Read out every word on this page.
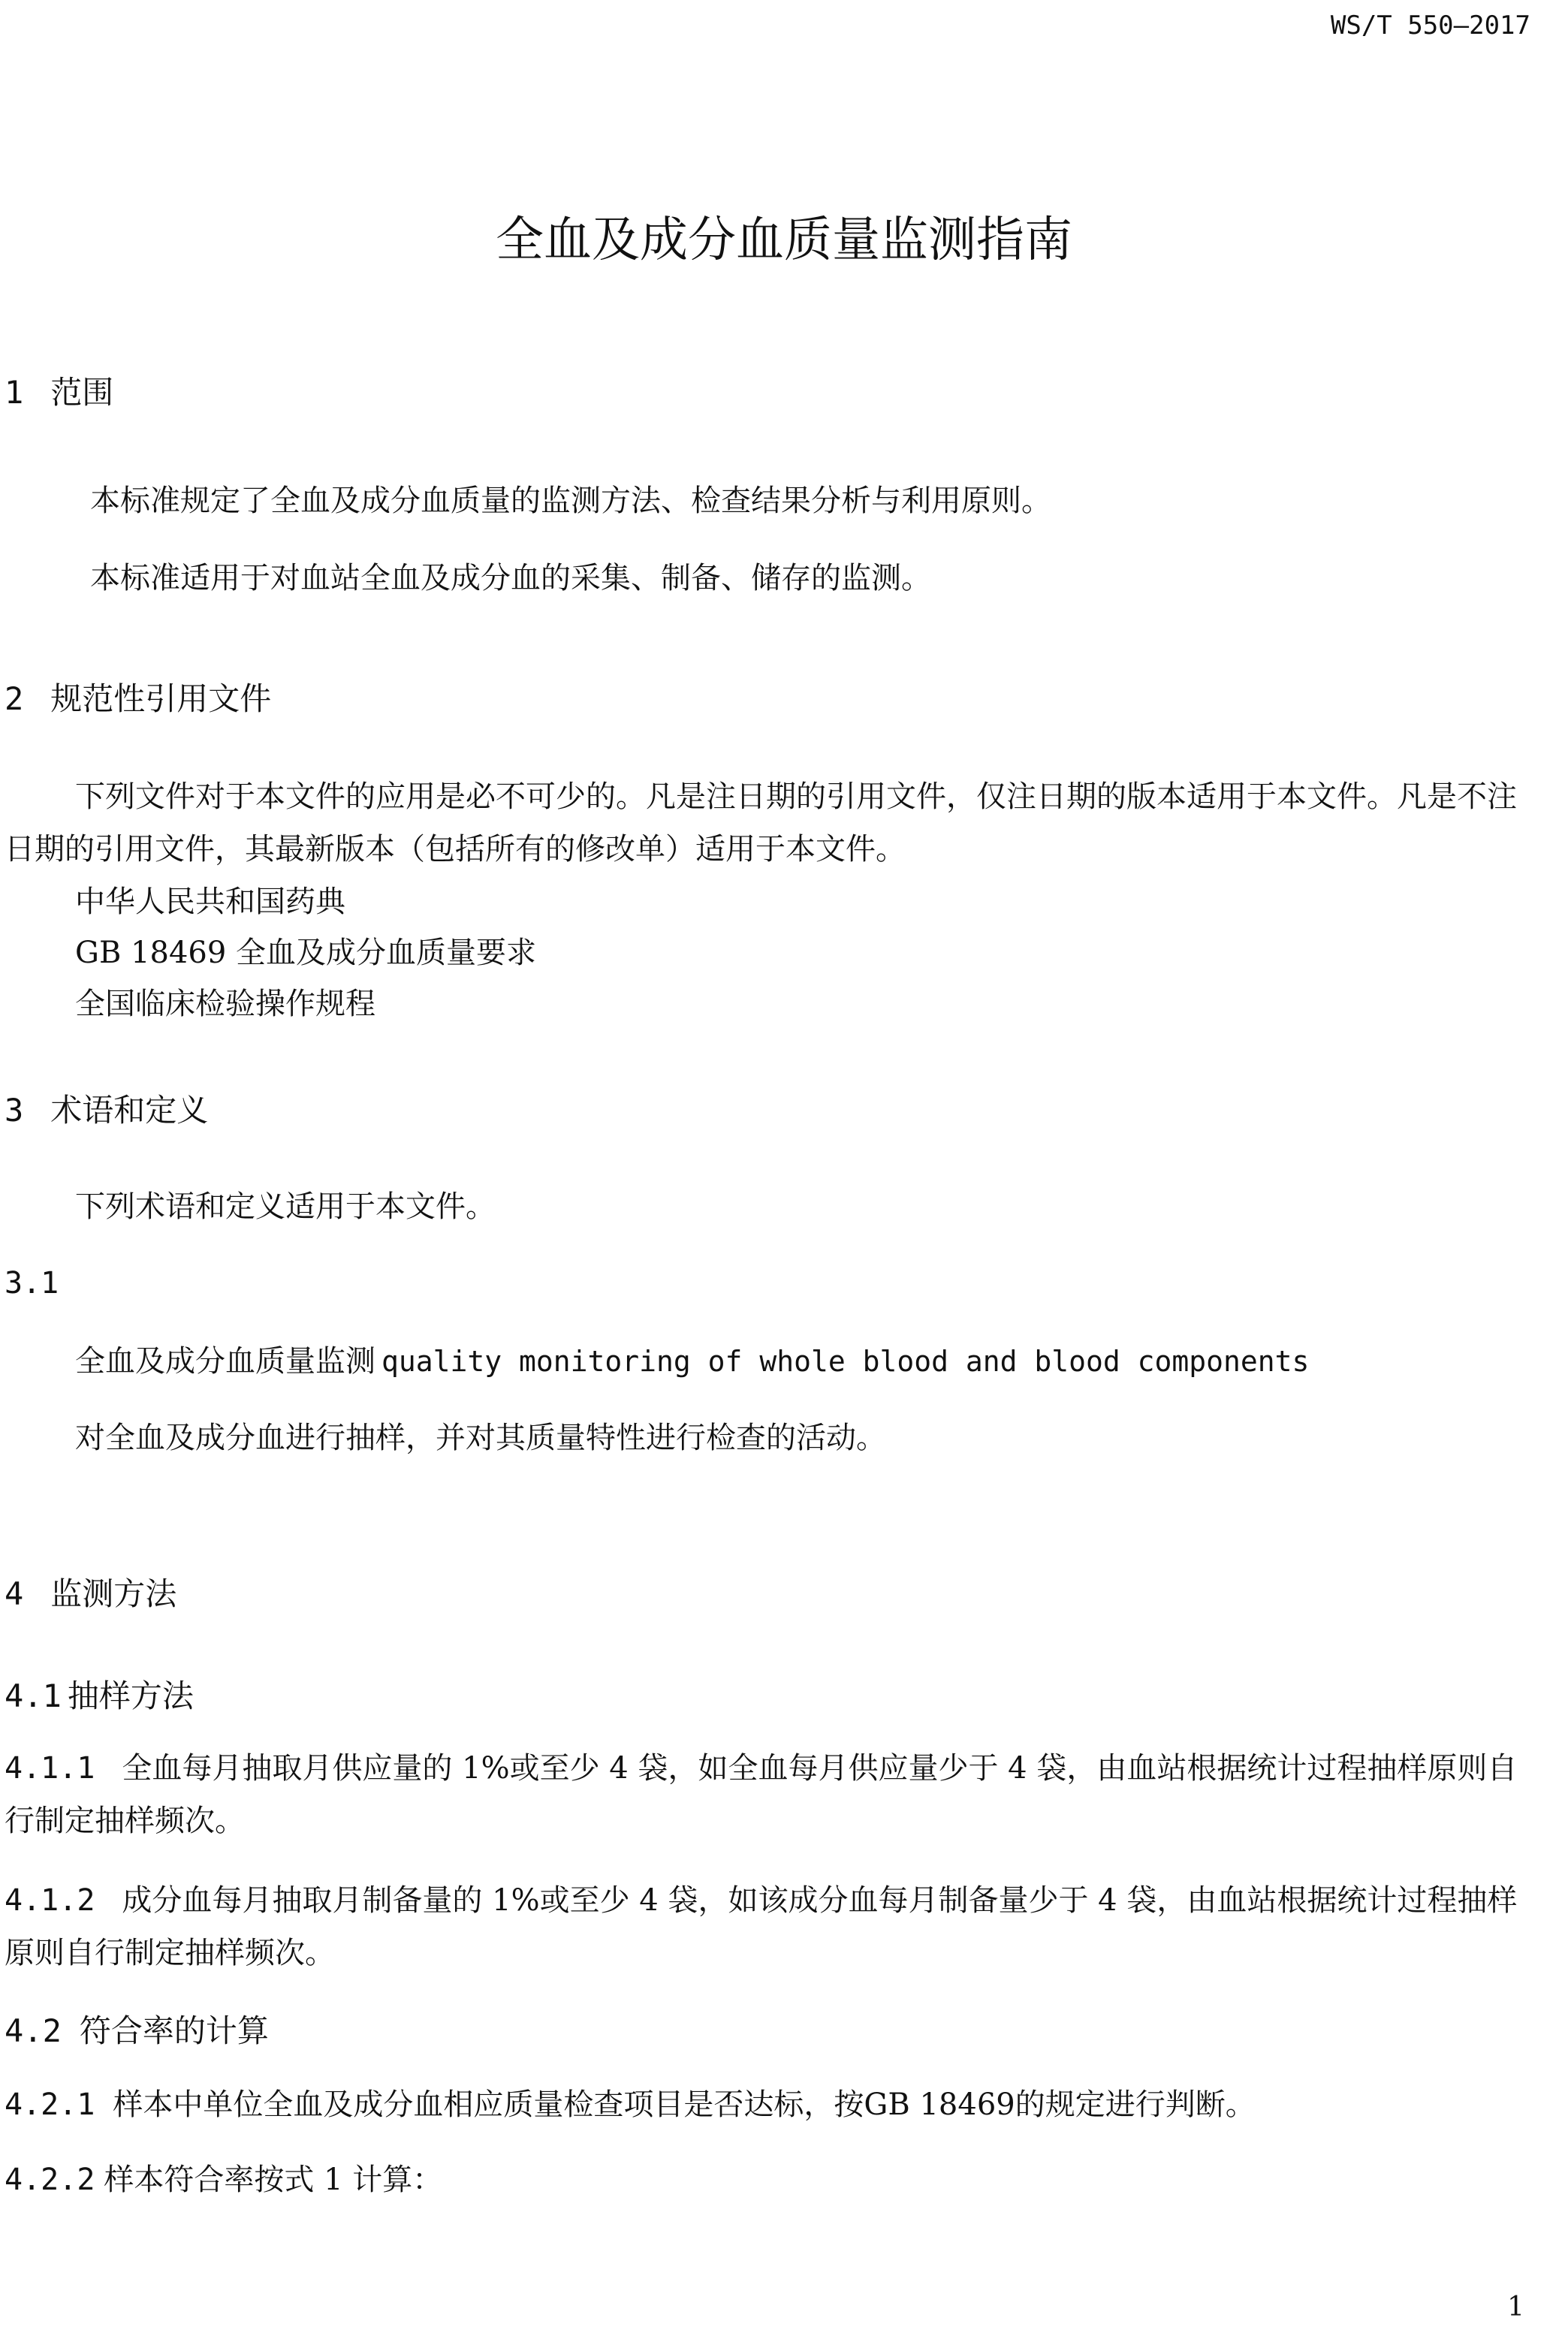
WS/T 550—2017
全血及成分血质量监测指南
1 范围
本标准规定了全血及成分血质量的监测方法、检查结果分析与利用原则。
本标准适用于对血站全血及成分血的采集、制备、储存的监测。
2 规范性引用文件
下列文件对于本文件的应用是必不可少的。凡是注日期的引用文件，仅注日期的版本适用于本文件。凡是不注日期的引用文件，其最新版本（包括所有的修改单）适用于本文件。
中华人民共和国药典
GB 18469 全血及成分血质量要求
全国临床检验操作规程
3 术语和定义
下列术语和定义适用于本文件。
3.1
全血及成分血质量监测 quality monitoring of whole blood and blood components
对全血及成分血进行抽样，并对其质量特性进行检查的活动。
4 监测方法
4.1 抽样方法
4.1.1 全血每月抽取月供应量的 1%或至少 4 袋，如全血每月供应量少于 4 袋，由血站根据统计过程抽样原则自行制定抽样频次。
4.1.2 成分血每月抽取月制备量的 1%或至少 4 袋，如该成分血每月制备量少于 4 袋，由血站根据统计过程抽样原则自行制定抽样频次。
4.2 符合率的计算
4.2.1 样本中单位全血及成分血相应质量检查项目是否达标，按GB 18469的规定进行判断。
4.2.2 样本符合率按式 1 计算：
1
